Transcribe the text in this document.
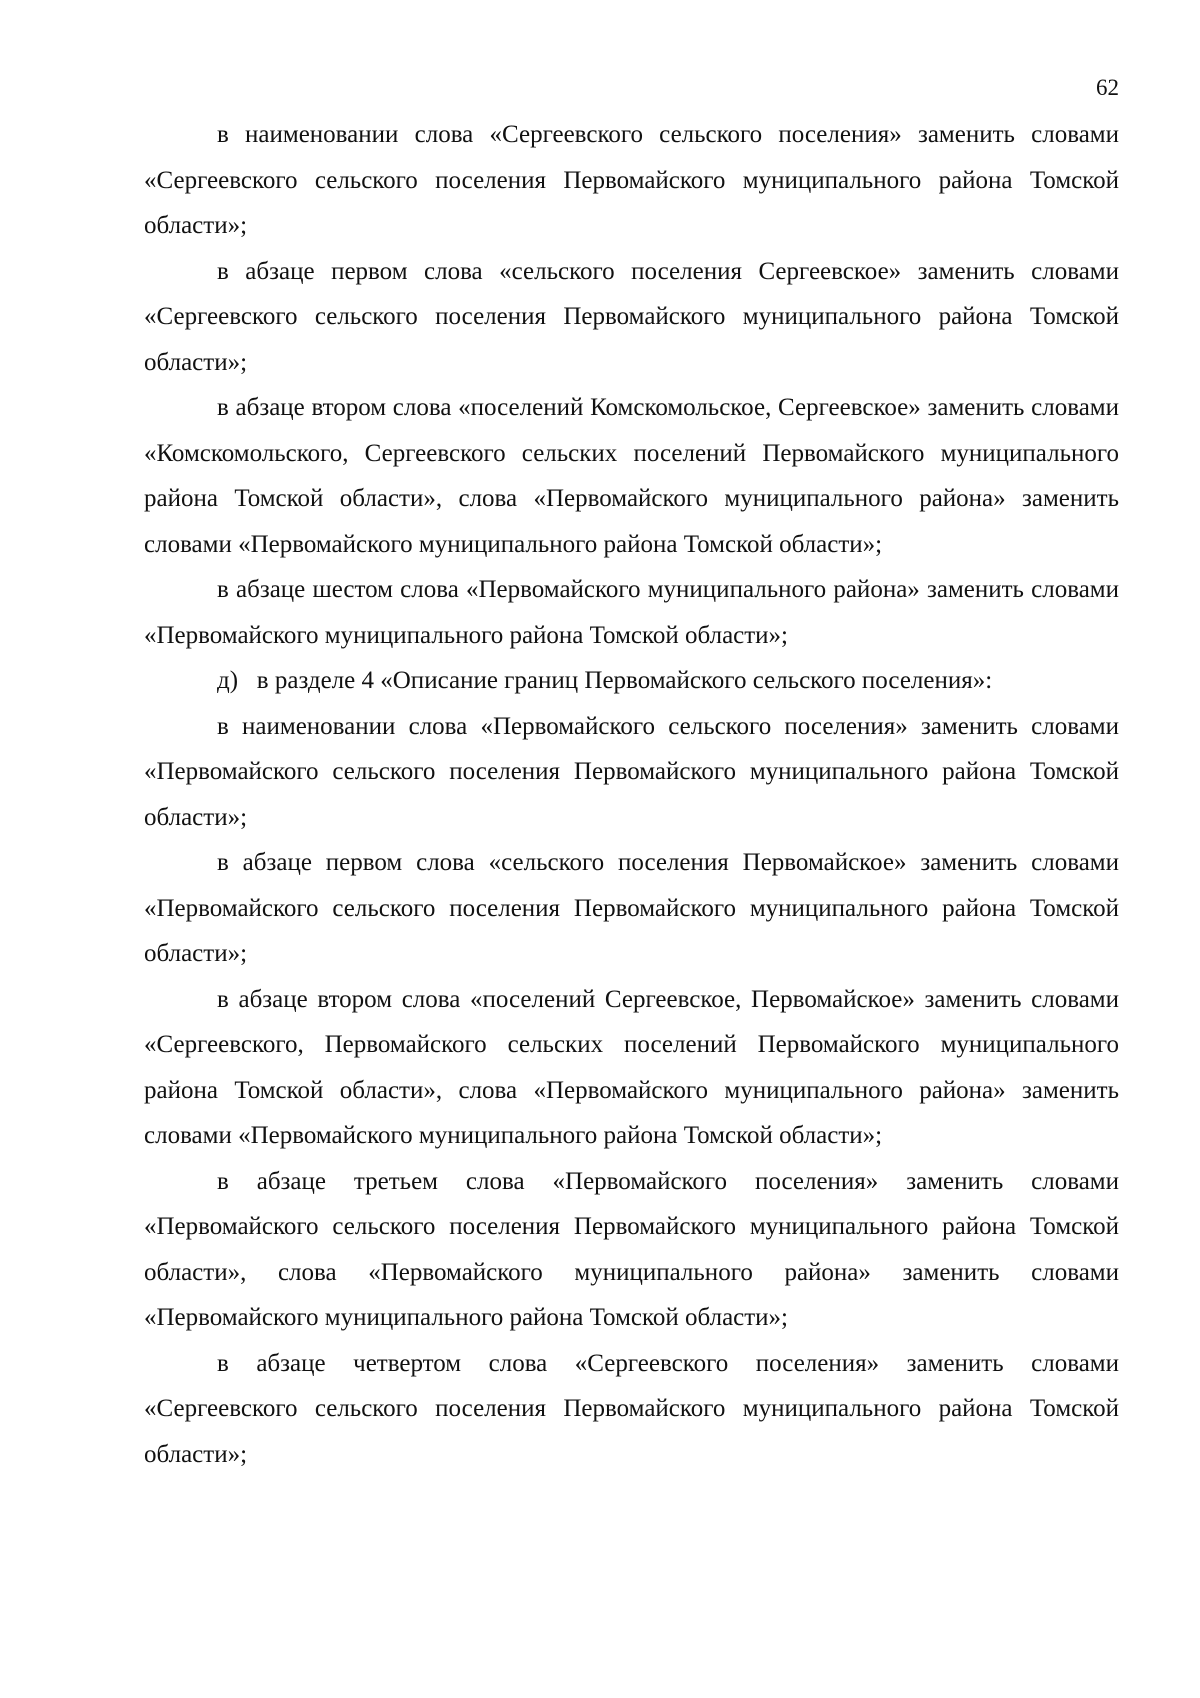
62

в наименовании слова «Сергеевского сельского поселения» заменить словами «Сергеевского сельского поселения Первомайского муниципального района Томской области»;

в абзаце первом слова «сельского поселения Сергеевское» заменить словами «Сергеевского сельского поселения Первомайского муниципального района Томской области»;

в абзаце втором слова «поселений Комскомольское, Сергеевское» заменить словами «Комскомольского, Сергеевского сельских поселений Первомайского муниципального района Томской области», слова «Первомайского муниципального района» заменить словами «Первомайского муниципального района Томской области»;

в абзаце шестом слова «Первомайского муниципального района» заменить словами «Первомайского муниципального района Томской области»;

д)   в разделе 4 «Описание границ Первомайского сельского поселения»:

в наименовании слова «Первомайского сельского поселения» заменить словами «Первомайского сельского поселения Первомайского муниципального района Томской области»;

в абзаце первом слова «сельского поселения Первомайское» заменить словами «Первомайского сельского поселения Первомайского муниципального района Томской области»;

в абзаце втором слова «поселений Сергеевское, Первомайское» заменить словами «Сергеевского, Первомайского сельских поселений Первомайского муниципального района Томской области», слова «Первомайского муниципального района» заменить словами «Первомайского муниципального района Томской области»;

в абзаце третьем слова «Первомайского поселения» заменить словами «Первомайского сельского поселения Первомайского муниципального района Томской области», слова «Первомайского муниципального района» заменить словами «Первомайского муниципального района Томской области»;

в абзаце четвертом слова «Сергеевского поселения» заменить словами «Сергеевского сельского поселения Первомайского муниципального района Томской области»;
